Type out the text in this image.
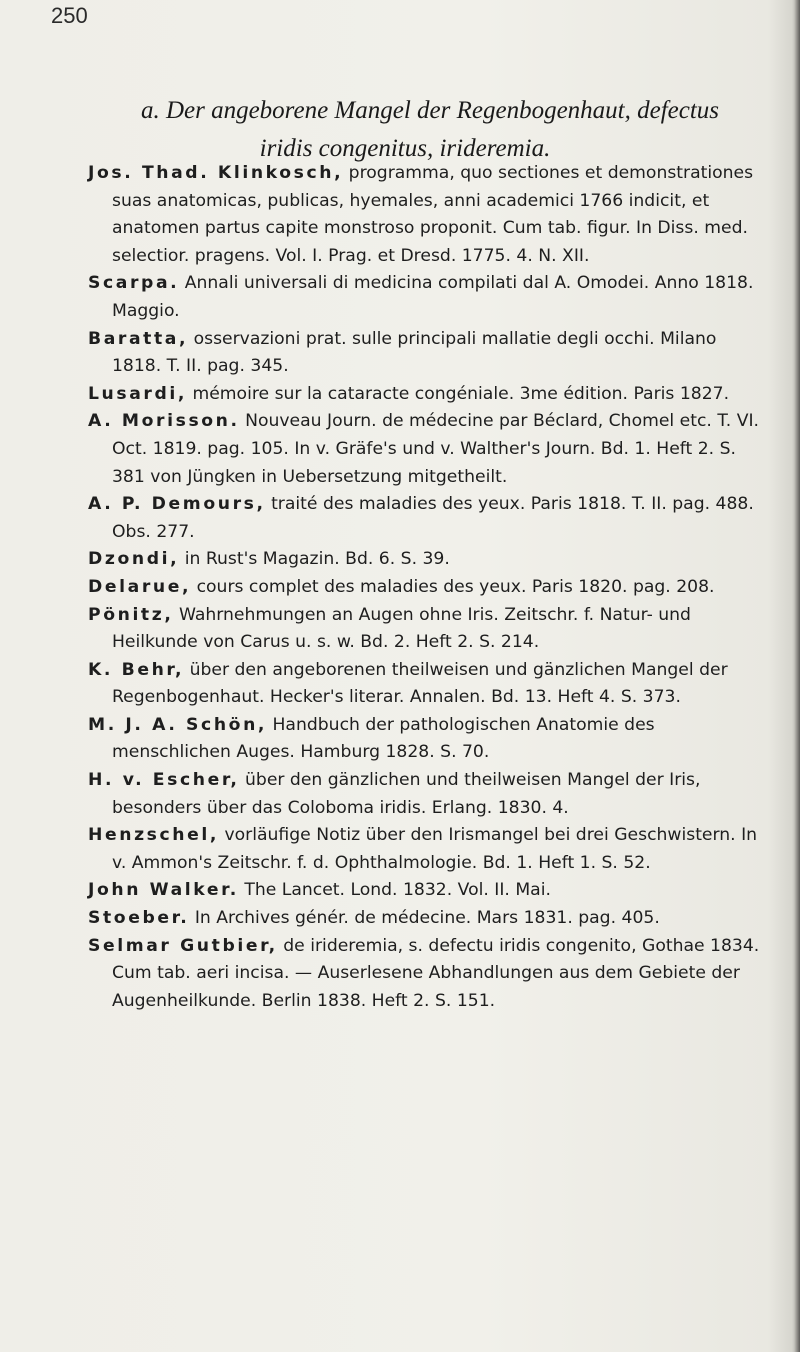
250
a. Der angeborene Mangel der Regenbogenhaut, defectus
iridis congenitus, irideremia.

Jos. Thad. Klinkosch, programma, quo sectiones et demonstrationes suas anatomicas, publicas, hyemales, anni academici 1766 indicit, et anatomen partus capite monstroso proponit. Cum tab. figur. In Diss. med. selectior. pragens. Vol. I. Prag. et Dresd. 1775. 4. N. XII.

Scarpa. Annali universali di medicina compilati dal A. Omodei. Anno 1818. Maggio.

Baratta, osservazioni prat. sulle principali mallatie degli occhi. Milano 1818. T. II. pag. 345.

Lusardi, mémoire sur la cataracte congéniale. 3me édition. Paris 1827.

A. Morisson. Nouveau Journ. de médecine par Béclard, Chomel etc. T. VI. Oct. 1819. pag. 105. In v. Gräfe's und v. Walther's Journ. Bd. 1. Heft 2. S. 381 von Jüngken in Uebersetzung mitgetheilt.

A. P. Demours, traité des maladies des yeux. Paris 1818. T. II. pag. 488. Obs. 277.

Dzondi, in Rust's Magazin. Bd. 6. S. 39.

Delarue, cours complet des maladies des yeux. Paris 1820. pag. 208.

Pönitz, Wahrnehmungen an Augen ohne Iris. Zeitschr. f. Natur- und Heilkunde von Carus u. s. w. Bd. 2. Heft 2. S. 214.

K. Behr, über den angeborenen theilweisen und gänzlichen Mangel der Regenbogenhaut. Hecker's literar. Annalen. Bd. 13. Heft 4. S. 373.

M. J. A. Schön, Handbuch der pathologischen Anatomie des menschlichen Auges. Hamburg 1828. S. 70.

H. v. Escher, über den gänzlichen und theilweisen Mangel der Iris, besonders über das Coloboma iridis. Erlang. 1830. 4.

Henzschel, vorläufige Notiz über den Irismangel bei drei Geschwistern. In v. Ammon's Zeitschr. f. d. Ophthalmologie. Bd. 1. Heft 1. S. 52.

John Walker. The Lancet. Lond. 1832. Vol. II. Mai.

Stoeber. In Archives génér. de médecine. Mars 1831. pag. 405.

Selmar Gutbier, de irideremia, s. defectu iridis congenito, Gothae 1834. Cum tab. aeri incisa. — Auserlesene Abhandlungen aus dem Gebiete der Augenheilkunde. Berlin 1838. Heft 2. S. 151.
